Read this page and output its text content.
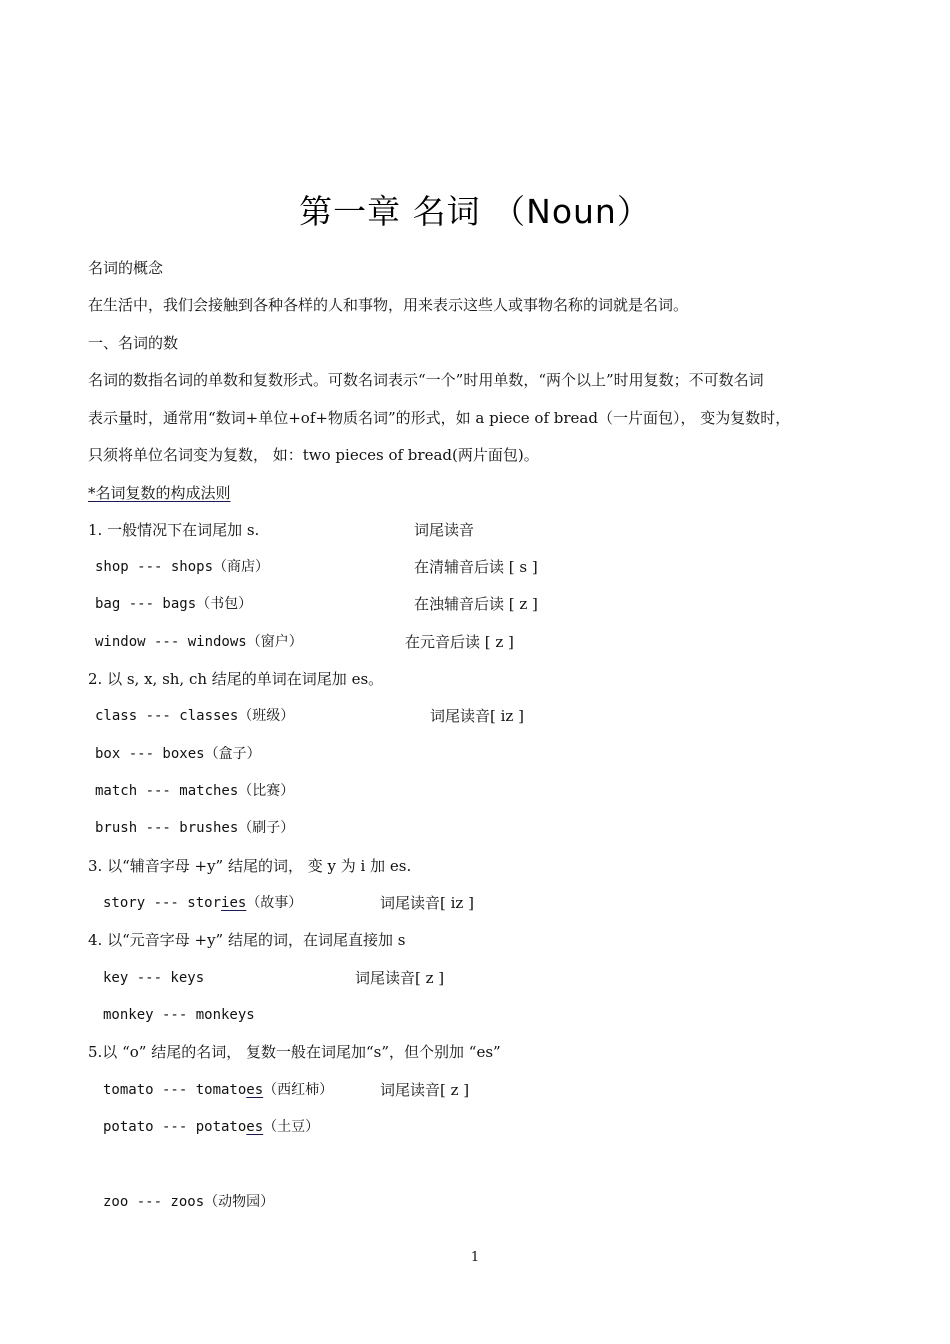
第一章 名词 （Noun）
名词的概念
在生活中，我们会接触到各种各样的人和事物，用来表示这些人或事物名称的词就是名词。
一、名词的数
名词的数指名词的单数和复数形式。可数名词表示“一个”时用单数，“两个以上”时用复数；不可数名词
表示量时，通常用“数词+单位+of+物质名词”的形式，如 a piece of bread（一片面包）， 变为复数时，
只须将单位名词变为复数， 如：two pieces of bread(两片面包)。
*名词复数的构成法则
1. 一般情况下在词尾加 s.	词尾读音
shop --- shops（商店）	在清辅音后读 [ s ]
bag --- bags（书包）	在浊辅音后读 [ z ]
window --- windows（窗户）	在元音后读 [ z ]
2. 以 s, x, sh, ch 结尾的单词在词尾加 es。
class --- classes（班级）	词尾读音[ iz ]
box --- boxes（盒子）
match --- matches（比赛）
brush --- brushes（刷子）
3. 以“辅音字母 +y” 结尾的词， 变 y 为 i 加 es.
story --- stories（故事）	词尾读音[ iz ]
4. 以“元音字母 +y” 结尾的词，在词尾直接加 s
key --- keys	词尾读音[ z ]
monkey --- monkeys
5.以 “o” 结尾的名词， 复数一般在词尾加“s”，但个别加 “es”
tomato --- tomatoes（西红柿）	词尾读音[ z ]
potato --- potatoes（土豆）
zoo --- zoos（动物园）
1
